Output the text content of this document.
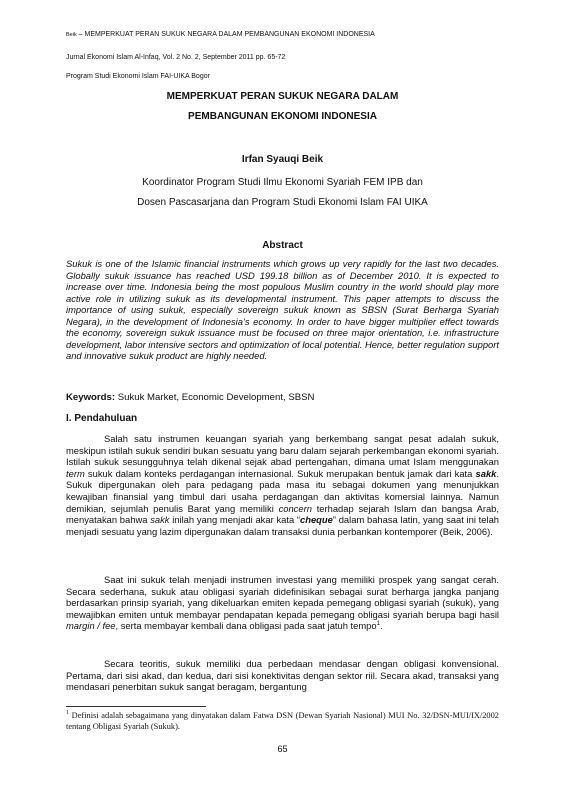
Beik – MEMPERKUAT PERAN SUKUK NEGARA DALAM PEMBANGUNAN EKONOMI INDONESIA
Jurnal Ekonomi Islam Al-Infaq, Vol. 2 No. 2, September 2011 pp. 65-72
Program Studi Ekonomi Islam FAI-UIKA Bogor
MEMPERKUAT PERAN SUKUK NEGARA DALAM
PEMBANGUNAN EKONOMI INDONESIA
Irfan Syauqi Beik
Koordinator Program Studi Ilmu Ekonomi Syariah FEM IPB dan
Dosen Pascasarjana dan Program Studi Ekonomi Islam FAI UIKA
Abstract
Sukuk is one of the Islamic financial instruments which grows up very rapidly for the last two decades. Globally sukuk issuance has reached USD 199.18 billion as of December 2010. It is expected to increase over time. Indonesia being the most populous Muslim country in the world should play more active role in utilizing sukuk as its developmental instrument. This paper attempts to discuss the importance of using sukuk, especially sovereign sukuk known as SBSN (Surat Berharga Syariah Negara), in the development of Indonesia’s economy. In order to have bigger multiplier effect towards the economy, sovereign sukuk issuance must be focused on three major orientation, i.e. infrastructure development, labor intensive sectors and optimization of local potential. Hence, better regulation support and innovative sukuk product are highly needed.
Keywords: Sukuk Market, Economic Development, SBSN
I. Pendahuluan
Salah satu instrumen keuangan syariah yang berkembang sangat pesat adalah sukuk, meskipun istilah sukuk sendiri bukan sesuatu yang baru dalam sejarah perkembangan ekonomi syariah. Istilah sukuk sesungguhnya telah dikenal sejak abad pertengahan, dimana umat Islam menggunakan term sukuk dalam konteks perdagangan internasional. Sukuk merupakan bentuk jamak dari kata sakk. Sukuk dipergunakan oleh para pedagang pada masa itu sebagai dokumen yang menunjukkan kewajiban finansial yang timbul dari usaha perdagangan dan aktivitas komersial lainnya. Namun demikian, sejumlah penulis Barat yang memiliki concern terhadap sejarah Islam dan bangsa Arab, menyatakan bahwa sakk inilah yang menjadi akar kata “cheque” dalam bahasa latin, yang saat ini telah menjadi sesuatu yang lazim dipergunakan dalam transaksi dunia perbankan kontemporer (Beik, 2006).
Saat ini sukuk telah menjadi instrumen investasi yang memiliki prospek yang sangat cerah. Secara sederhana, sukuk atau obligasi syariah didefinisikan sebagai surat berharga jangka panjang berdasarkan prinsip syariah, yang dikeluarkan emiten kepada pemegang obligasi syariah (sukuk), yang mewajibkan emiten untuk membayar pendapatan kepada pemegang obligasi syariah berupa bagi hasil margin / fee, serta membayar kembali dana obligasi pada saat jatuh tempo$^1$.
Secara teoritis, sukuk memiliki dua perbedaan mendasar dengan obligasi konvensional. Pertama, dari sisi akad, dan kedua, dari sisi konektivitas dengan sektor riil. Secara akad, transaksi yang mendasari penerbitan sukuk sangat beragam, bergantung
$^1$ Definisi adalah sebagaimana yang dinyatakan dalam Fatwa DSN (Dewan Syariah Nasional) MUI No. 32/DSN-MUI/IX/2002 tentang Obligasi Syariah (Sukuk).
65
